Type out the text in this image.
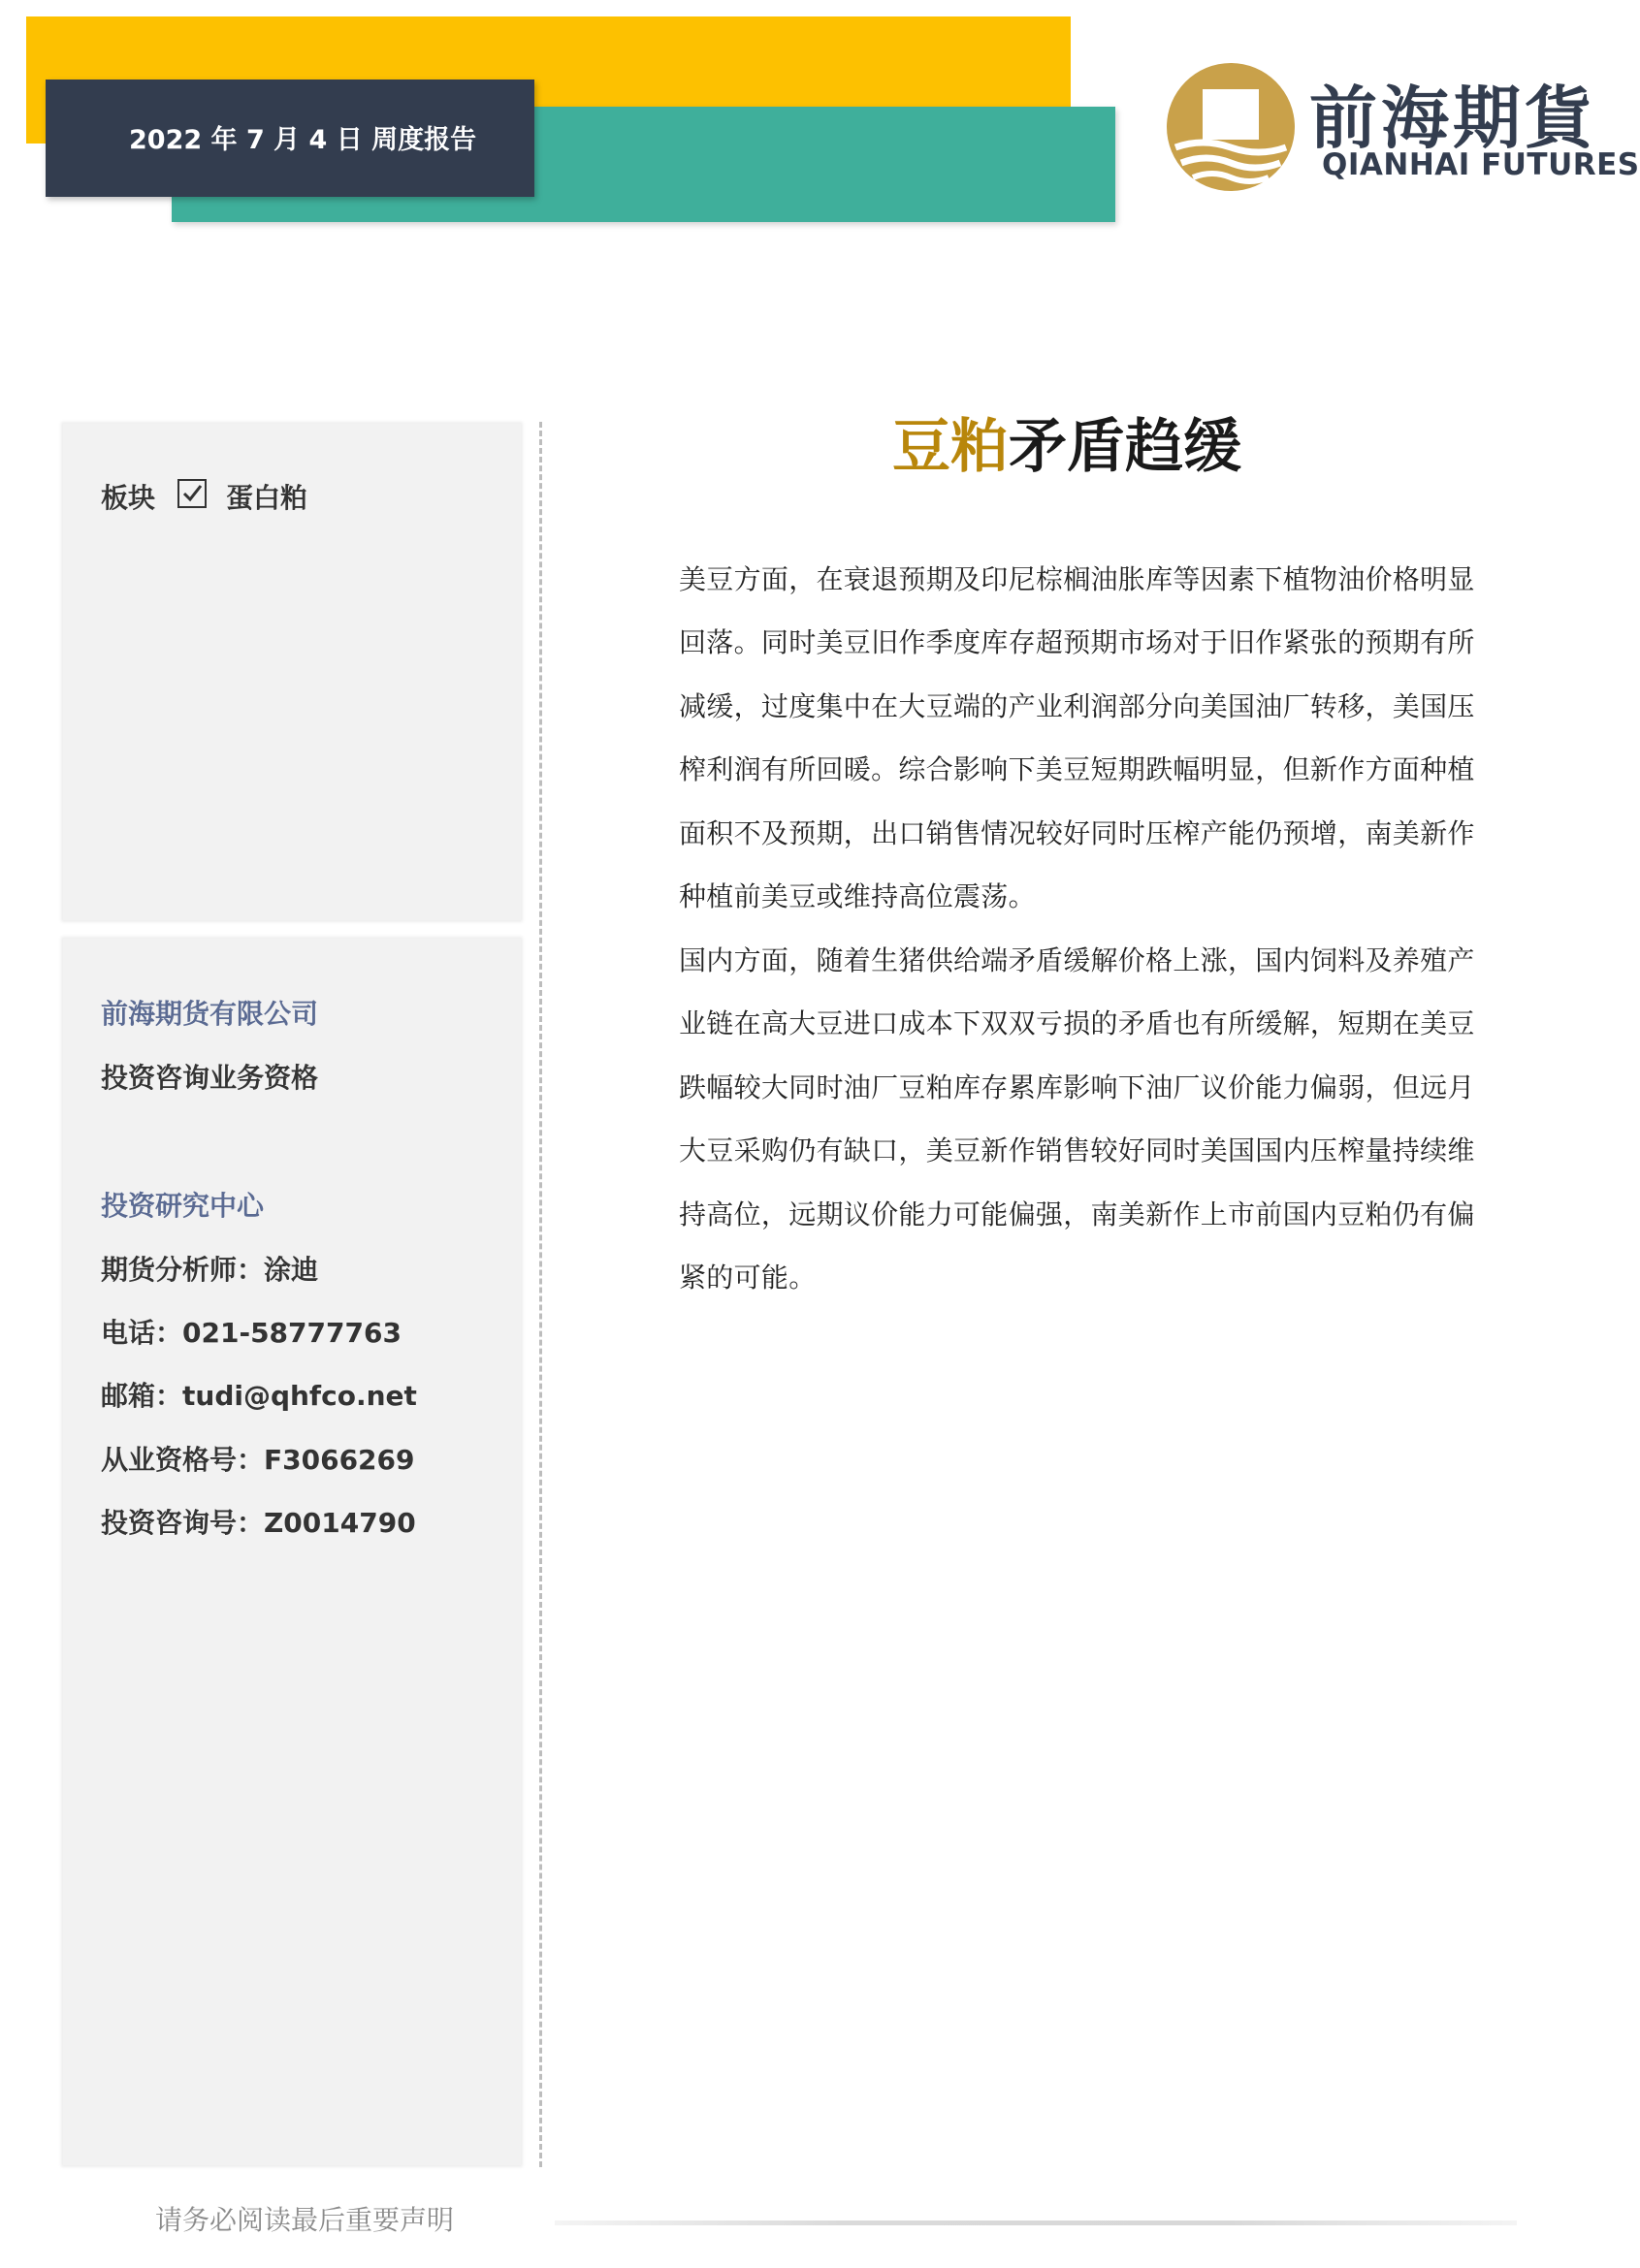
2022 年 7 月 4 日 周度报告	前海期貨
QIANHAI FUTURES
板块	蛋白粕
前海期货有限公司
投资咨询业务资格
投资研究中心
期货分析师：涂迪
电话：021-58777763
邮箱：tudi@qhfco.net
从业资格号：F3066269
投资咨询号：Z0014790
豆粕矛盾趋缓
美豆方面，在衰退预期及印尼棕榈油胀库等因素下植物油价格明显
回落。同时美豆旧作季度库存超预期市场对于旧作紧张的预期有所
减缓，过度集中在大豆端的产业利润部分向美国油厂转移，美国压
榨利润有所回暖。综合影响下美豆短期跌幅明显，但新作方面种植
面积不及预期，出口销售情况较好同时压榨产能仍预增，南美新作
种植前美豆或维持高位震荡。
国内方面，随着生猪供给端矛盾缓解价格上涨，国内饲料及养殖产
业链在高大豆进口成本下双双亏损的矛盾也有所缓解，短期在美豆
跌幅较大同时油厂豆粕库存累库影响下油厂议价能力偏弱，但远月
大豆采购仍有缺口，美豆新作销售较好同时美国国内压榨量持续维
持高位，远期议价能力可能偏强，南美新作上市前国内豆粕仍有偏
紧的可能。
请务必阅读最后重要声明
